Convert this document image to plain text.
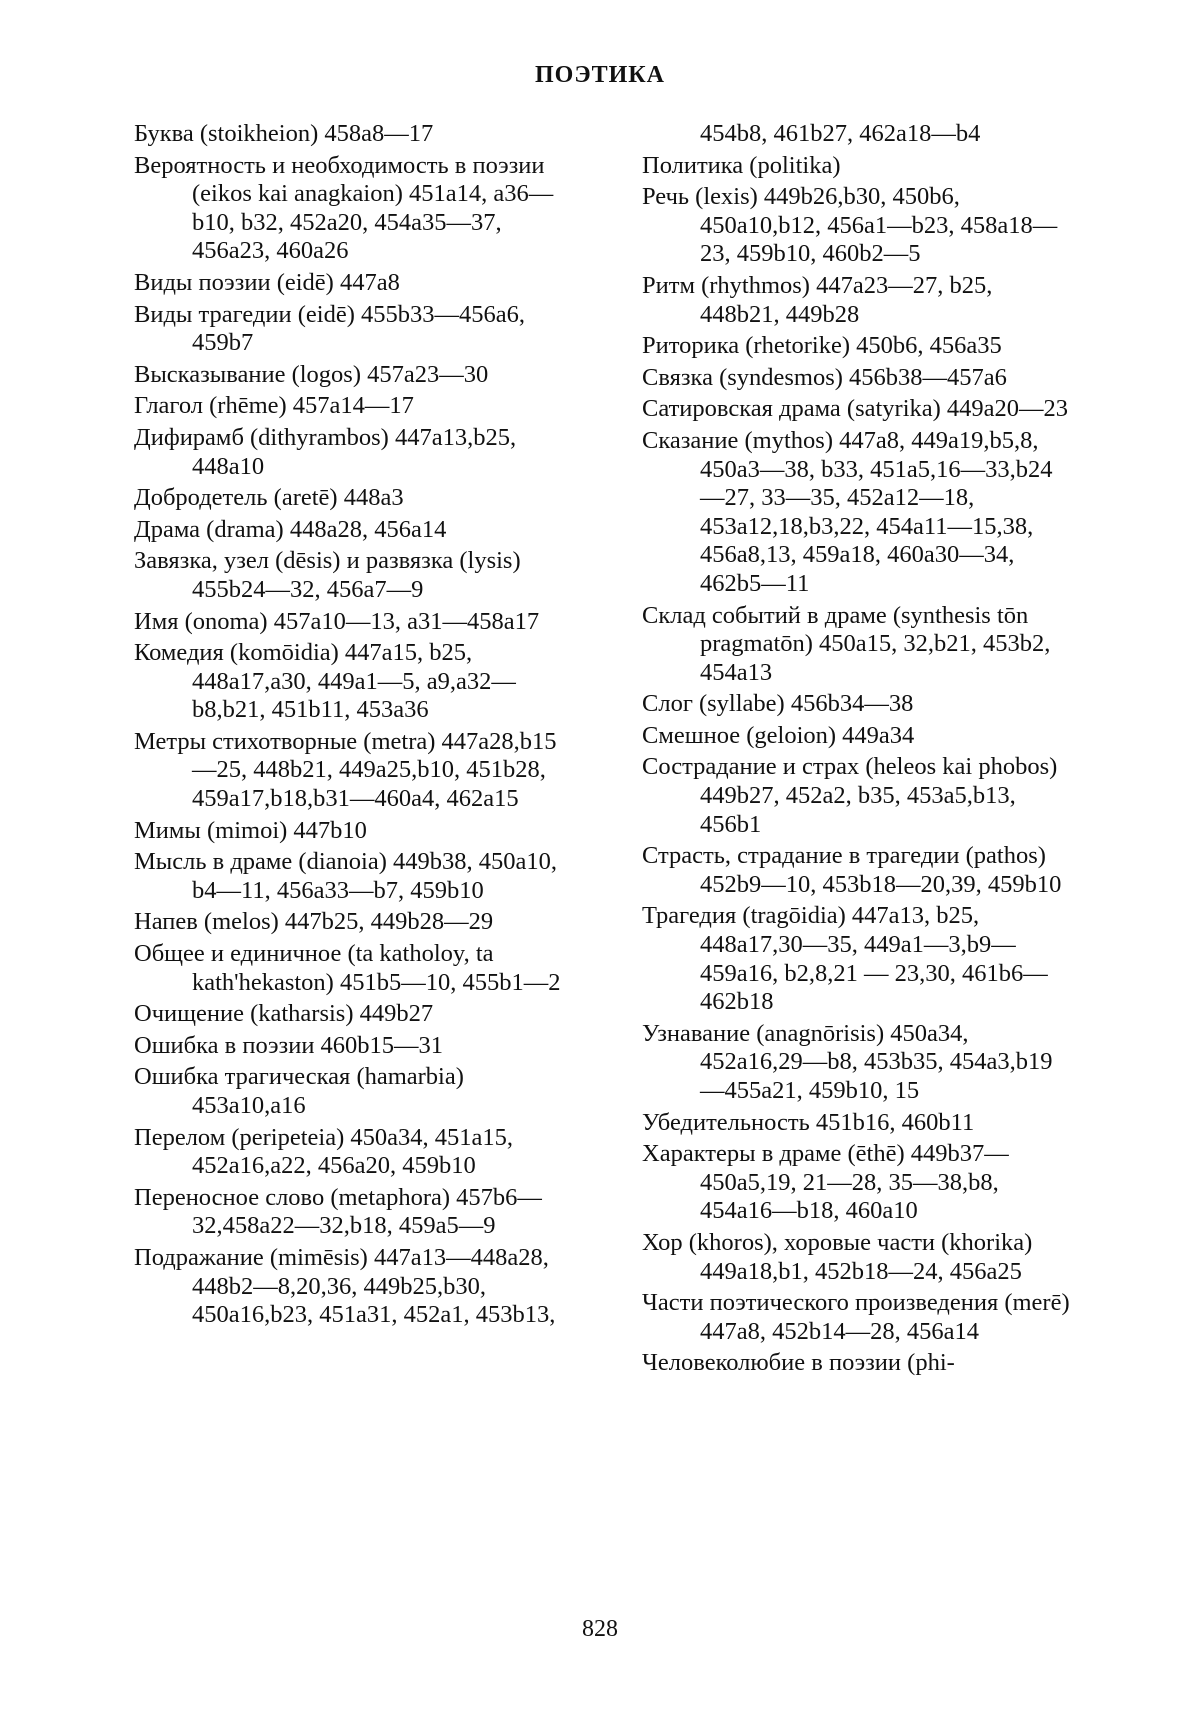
ПОЭТИКА

Буква (stoikheion) 458a8—17

Вероятность и необходимость в поэзии (eikos kai anagkaion) 451a14, a36—b10, b32, 452a20, 454a35—37, 456a23, 460a26

Виды поэзии (eidē) 447a8

Виды трагедии (eidē) 455b33—456a6, 459b7

Высказывание (logos) 457a23—30

Глагол (rhēme) 457a14—17

Дифирамб (dithyrambos) 447a13,b25, 448a10

Добродетель (aretē) 448a3

Драма (drama) 448a28, 456a14

Завязка, узел (dēsis) и развязка (lysis) 455b24—32, 456a7—9

Имя (onoma) 457a10—13, a31—458a17

Комедия (komōidia) 447a15, b25, 448a17,a30, 449a1—5, a9,a32—b8,b21, 451b11, 453a36

Метры стихотворные (metra) 447a28,b15—25, 448b21, 449a25,b10, 451b28, 459a17,b18,b31—460a4, 462a15

Мимы (mimoi) 447b10

Мысль в драме (dianoia) 449b38, 450a10, b4—11, 456a33—b7, 459b10

Напев (melos) 447b25, 449b28—29

Общее и единичное (ta katholoy, ta kath'hekaston) 451b5—10, 455b1—2

Очищение (katharsis) 449b27

Ошибка в поэзии 460b15—31

Ошибка трагическая (hamarbia) 453a10,a16

Перелом (peripeteia) 450a34, 451a15, 452a16,a22, 456a20, 459b10

Переносное слово (metaphora) 457b6—32,458a22—32,b18, 459a5—9

Подражание (mimēsis) 447a13—448a28, 448b2—8,20,36, 449b25,b30, 450a16,b23, 451a31, 452a1, 453b13,

454b8, 461b27, 462a18—b4

Политика (politika)

Речь (lexis) 449b26,b30, 450b6, 450a10,b12, 456a1—b23, 458a18—23, 459b10, 460b2—5

Ритм (rhythmos) 447a23—27, b25, 448b21, 449b28

Риторика (rhetorike) 450b6, 456a35

Связка (syndesmos) 456b38—457a6

Сатировская драма (satyrika) 449a20—23

Сказание (mythos) 447a8, 449a19,b5,8, 450a3—38, b33, 451a5,16—33,b24—27, 33—35, 452a12—18, 453a12,18,b3,22, 454a11—15,38, 456a8,13, 459a18, 460a30—34, 462b5—11

Склад событий в драме (synthesis tōn pragmatōn) 450a15, 32,b21, 453b2, 454a13

Слог (syllabe) 456b34—38

Смешное (geloion) 449a34

Сострадание и страх (heleos kai phobos) 449b27, 452a2, b35, 453a5,b13, 456b1

Страсть, страдание в трагедии (pathos) 452b9—10, 453b18—20,39, 459b10

Трагедия (tragōidia) 447a13, b25, 448a17,30—35, 449a1—3,b9— 459a16, b2,8,21 — 23,30, 461b6—462b18

Узнавание (anagnōrisis) 450a34, 452a16,29—b8, 453b35, 454a3,b19—455a21, 459b10, 15

Убедительность 451b16, 460b11

Характеры в драме (ēthē) 449b37—450a5,19, 21—28, 35—38,b8, 454a16—b18, 460a10

Хор (khoros), хоровые части (khorika) 449a18,b1, 452b18—24, 456a25

Части поэтического произведения (merē) 447a8, 452b14—28, 456a14

Человеколюбие в поэзии (phi-

828
